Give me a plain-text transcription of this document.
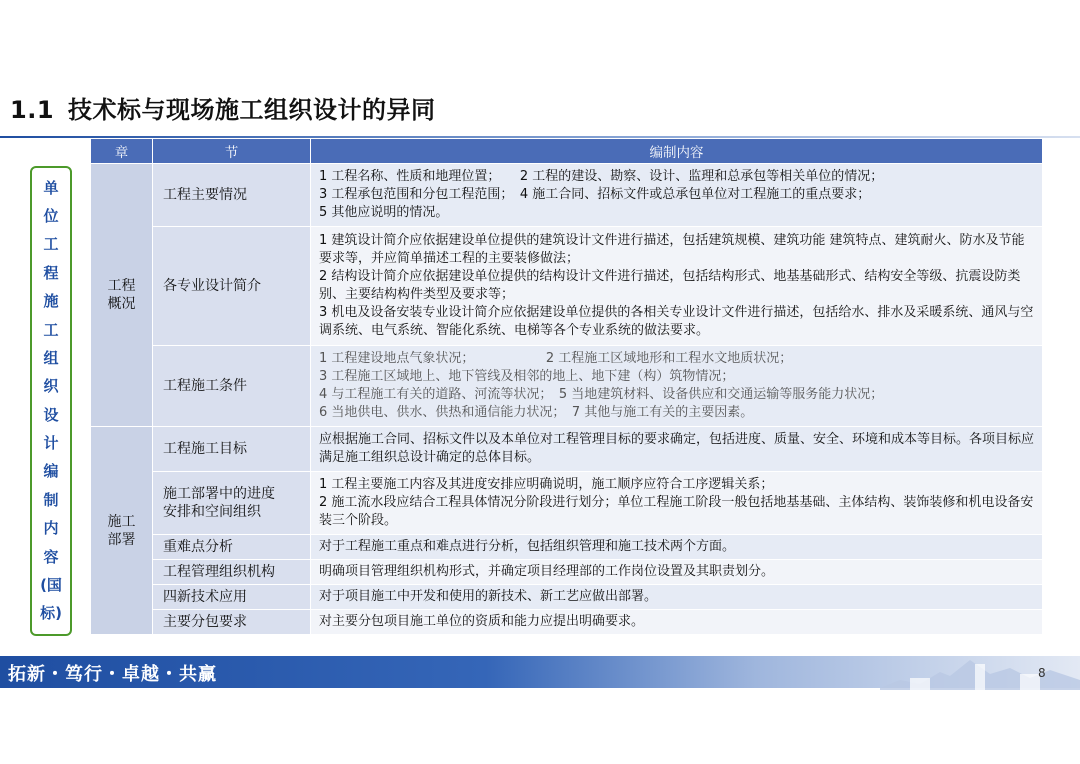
1.1 技术标与现场施工组织设计的异同
单
位
工
程
施
工
组
织
设
计
编
制
内
容
(国
标)
章	节	编制内容

工程
概况	工程主要情况	1 工程名称、性质和地理位置；　　2 工程的建设、勘察、设计、监理和总承包等相关单位的情况；
3 工程承包范围和分包工程范围；　4 施工合同、招标文件或总承包单位对工程施工的重点要求；
5 其他应说明的情况。

	各专业设计简介	1 建筑设计简介应依据建设单位提供的建筑设计文件进行描述，包括建筑规模、建筑功能 建筑特点、建筑耐火、防水及节能要求等，并应简单描述工程的主要装修做法；
2 结构设计简介应依据建设单位提供的结构设计文件进行描述，包括结构形式、地基基础形式、结构安全等级、抗震设防类别、主要结构构件类型及要求等；
3 机电及设备安装专业设计简介应依据建设单位提供的各相关专业设计文件进行描述，包括给水、排水及采暖系统、通风与空调系统、电气系统、智能化系统、电梯等各个专业系统的做法要求。

	工程施工条件	1 工程建设地点气象状况；　　　　　　2 工程施工区域地形和工程水文地质状况；
3 工程施工区域地上、地下管线及相邻的地上、地下建（构）筑物情况；
4 与工程施工有关的道路、河流等状况；　5 当地建筑材料、设备供应和交通运输等服务能力状况；
6 当地供电、供水、供热和通信能力状况；　7 其他与施工有关的主要因素。

施工
部署	工程施工目标	应根据施工合同、招标文件以及本单位对工程管理目标的要求确定，包括进度、质量、安全、环境和成本等目标。各项目标应满足施工组织总设计确定的总体目标。

	施工部署中的进度
安排和空间组织	1 工程主要施工内容及其进度安排应明确说明，施工顺序应符合工序逻辑关系；
2 施工流水段应结合工程具体情况分阶段进行划分；单位工程施工阶段一般包括地基基础、主体结构、装饰装修和机电设备安装三个阶段。

	重难点分析	对于工程施工重点和难点进行分析，包括组织管理和施工技术两个方面。

	工程管理组织机构	明确项目管理组织机构形式，并确定项目经理部的工作岗位设置及其职责划分。

	四新技术应用	对于项目施工中开发和使用的新技术、新工艺应做出部署。

	主要分包要求	对主要分包项目施工单位的资质和能力应提出明确要求。
拓新・笃行・卓越・共赢	8
